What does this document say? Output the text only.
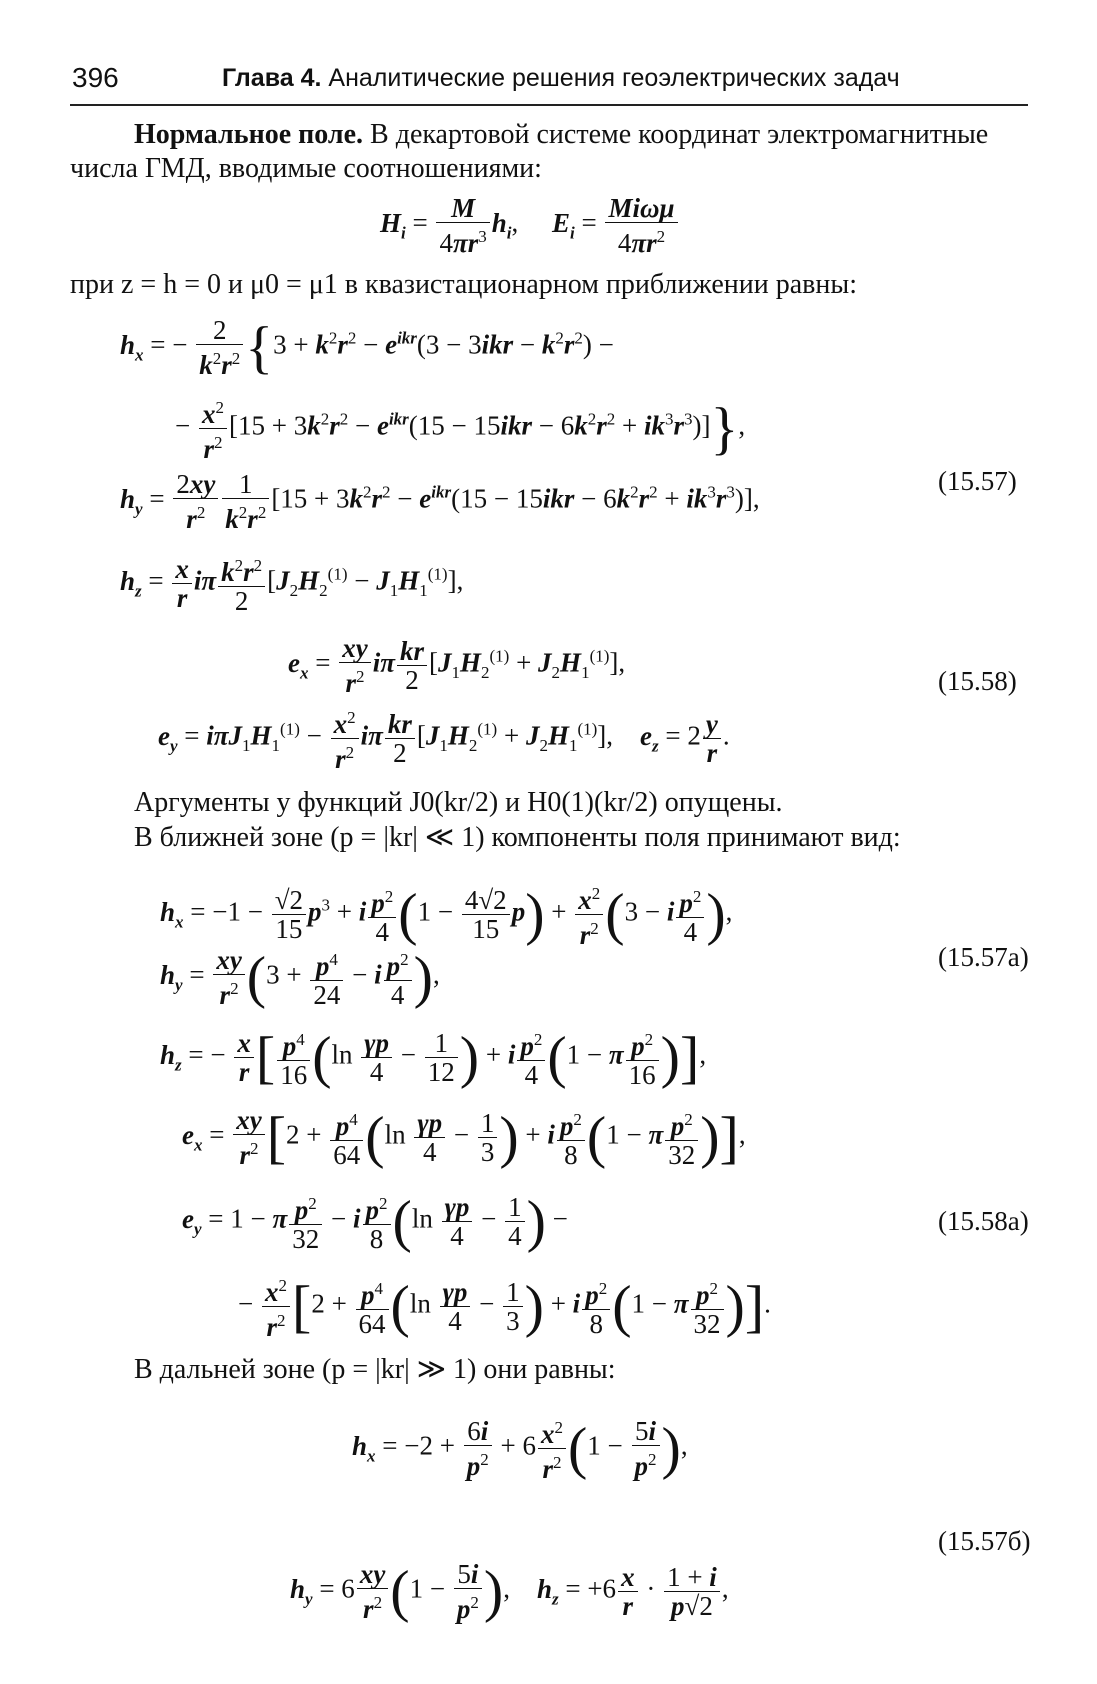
396	Глава 4. Аналитические решения геоэлектрических задач
Нормальное поле. В декартовой системе координат электромагнитные числа ГМД, вводимые соотношениями:
$H_i = \frac{M}{4\pi r^3} h_i$,     $E_i = \frac{\text{Miωμ}}{4\pi r^2}$
при z = h = 0 и μ0 = μ1 в квазистационарном приближении равны:
$h_x$ = − $\frac{2}{k^2r^2} \{3 + k^2r^2 - e^{ikr}(3 - 3ikr - k^2r^2)$ −
− $\frac{x^2}{r^2} [15 + 3k^2r^2 - e^{ikr}(15 - 15ikr - 6k^2r^2 + ik^3r^3)]$},
(15.57)
$h_y = \frac{2xy}{r^2} \frac{1}{k^2r^2} [15 + 3k^2r^2 - e^{ikr}(15 - 15ikr - 6k^2r^2 + ik^3r^3)]$,
$h_z = \frac{x}{r}$ iπ $\frac{k^2r^2}{2} [J_2H_2^{(1)} - J_1H_1^{(1)}]$,
$e_x = \frac{xy}{r^2}$ iπ $\frac{kr}{2} [J_1H_2^{(1)} + J_2H_1^{(1)}]$,
(15.58)
$e_y = i\pi J_1H_1^{(1)} - \frac{x^2}{r^2}$ iπ $\frac{kr}{2} [J_1H_2^{(1)} + J_2H_1^{(1)}]$,    $e_z = 2 \frac{y}{r}$ .
Аргументы у функций J0(kr/2) и H0(1)(kr/2) опущены.
В ближней зоне (p = |kr| ≪ 1) компоненты поля принимают вид:
$h_x = -1 - \frac{√2}{15} p^3 + i \frac{p^2}{4} (1 - \frac{4√2}{15} p) + \frac{x^2}{r^2} (3 - i \frac{p^2}{4}$ ),
(15.57а)
$h_y = \frac{xy}{r^2} (3 + \frac{p^4}{24} - i \frac{p^2}{4}$ ),
$h_z$ = − $\frac{x}{r}$ [ $\frac{p^4}{16} (\ln \frac{\gamma p}{4} - \frac{1}{12}$ ) + i $\frac{p^2}{4} (1 - \pi \frac{p^2}{16}$ )],
$e_x = \frac{xy}{r^2} [2 + \frac{p^4}{64} (\ln \frac{\gamma p}{4} - \frac{1}{3}$ ) + i $\frac{p^2}{8} (1 - \pi \frac{p^2}{32}$ )],
(15.58а)
$e_y = 1 - \pi \frac{p^2}{32} - i \frac{p^2}{8} (\ln \frac{\gamma p}{4} - \frac{1}{4}$ ) −
− $\frac{x^2}{r^2} [2 + \frac{p^4}{64} (\ln \frac{\gamma p}{4} - \frac{1}{3}$ ) + i $\frac{p^2}{8} (1 - \pi \frac{p^2}{32}$ )].
В дальней зоне (p = |kr| ≫ 1) они равны:
$h_x = -2 + \frac{6i}{p^2} + 6 \frac{x^2}{r^2} (1 - \frac{5i}{p^2}$ ),
(15.57б)
$h_y = 6 \frac{xy}{r^2} (1 - \frac{5i}{p^2}$ ),    $h_z = +6 \frac{x}{r} \cdot \frac{1 + i}{p√2}$ ,
